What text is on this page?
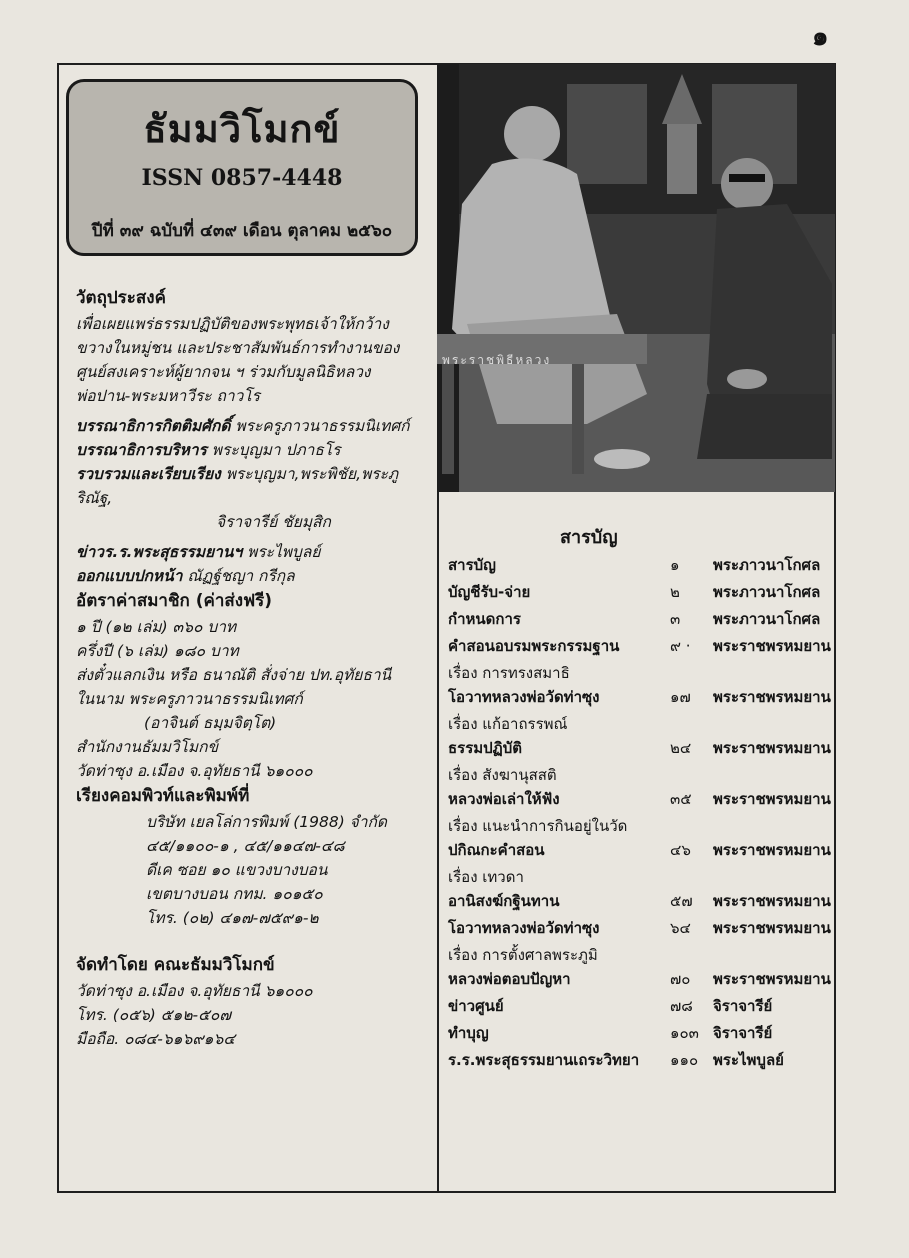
๑
ธัมมวิโมกข์
ISSN 0857-4448
ปีที่ ๓๙ ฉบับที่ ๔๓๙ เดือน ตุลาคม ๒๕๖๐

วัตถุประสงค์

เพื่อเผยแพร่ธรรมปฏิบัติของพระพุทธเจ้าให้กว้าง

ขวางในหมู่ชน และประชาสัมพันธ์การทำงานของ

ศูนย์สงเคราะห์ผู้ยากจน ฯ ร่วมกับมูลนิธิหลวง

พ่อปาน-พระมหาวีระ ถาวโร

บรรณาธิการกิตติมศักดิ์ พระครูภาวนาธรรมนิเทศก์

บรรณาธิการบริหาร พระบุญมา ปภาธโร

รวบรวมและเรียบเรียง พระบุญมา,พระพิชัย,พระภูริณัฐ,

จิราจารีย์ ชัยมุสิก

ข่าวร.ร.พระสุธรรมยานฯ พระไพบูลย์

ออกแบบปกหน้า ณัฏฐ์ชญา กรีกุล

อัตราค่าสมาชิก (ค่าส่งฟรี)

๑ ปี (๑๒ เล่ม) ๓๖๐ บาท

ครึ่งปี (๖ เล่ม) ๑๘๐ บาท

ส่งตั๋วแลกเงิน หรือ ธนาณัติ สั่งจ่าย ปท.อุทัยธานี

ในนาม พระครูภาวนาธรรมนิเทศก์

(อาจินต์ ธมฺมจิตฺโต)

สำนักงานธัมมวิโมกข์

วัดท่าซุง อ.เมือง จ.อุทัยธานี ๖๑๐๐๐

เรียงคอมพิวท์และพิมพ์ที่

บริษัท เยลโล่การพิมพ์ (1988) จำกัด

๔๕/๑๑๐๐-๑ , ๔๕/๑๑๔๗-๔๘

ดีเค ซอย ๑๐ แขวงบางบอน

เขตบางบอน กทม. ๑๐๑๕๐

โทร. (๐๒) ๔๑๗-๗๕๙๑-๒

จัดทำโดย คณะธัมมวิโมกข์

วัดท่าซุง อ.เมือง จ.อุทัยธานี ๖๑๐๐๐

โทร. (๐๕๖) ๕๑๒-๕๐๗

มือถือ. ๐๘๔-๖๑๖๙๑๖๔

พระราชพิธีหลวง
สารบัญ
สารบัญ	๑ พระภาวนาโกศล
บัญชีรับ-จ่าย	๒ พระภาวนาโกศล
กำหนดการ	๓ พระภาวนาโกศล
คำสอนอบรมพระกรรมฐาน	๙ · พระราชพรหมยาน
เรื่อง การทรงสมาธิ
โอวาทหลวงพ่อวัดท่าซุง	๑๗ พระราชพรหมยาน
เรื่อง แก้อาถรรพณ์
ธรรมปฏิบัติ	๒๔ พระราชพรหมยาน
เรื่อง สังฆานุสสติ
หลวงพ่อเล่าให้ฟัง	๓๕ พระราชพรหมยาน
เรื่อง แนะนำการกินอยู่ในวัด
ปกิณกะคำสอน	๔๖ พระราชพรหมยาน
เรื่อง เทวดา
อานิสงฆ์กฐินทาน	๕๗ พระราชพรหมยาน
โอวาทหลวงพ่อวัดท่าซุง	๖๔ พระราชพรหมยาน
เรื่อง การตั้งศาลพระภูมิ
หลวงพ่อตอบปัญหา	๗๐ พระราชพรหมยาน
ข่าวศูนย์	๗๘ จิราจารีย์
ทำบุญ	๑๐๓ จิราจารีย์
ร.ร.พระสุธรรมยานเถระวิทยา ๑๑๐ พระไพบูลย์
